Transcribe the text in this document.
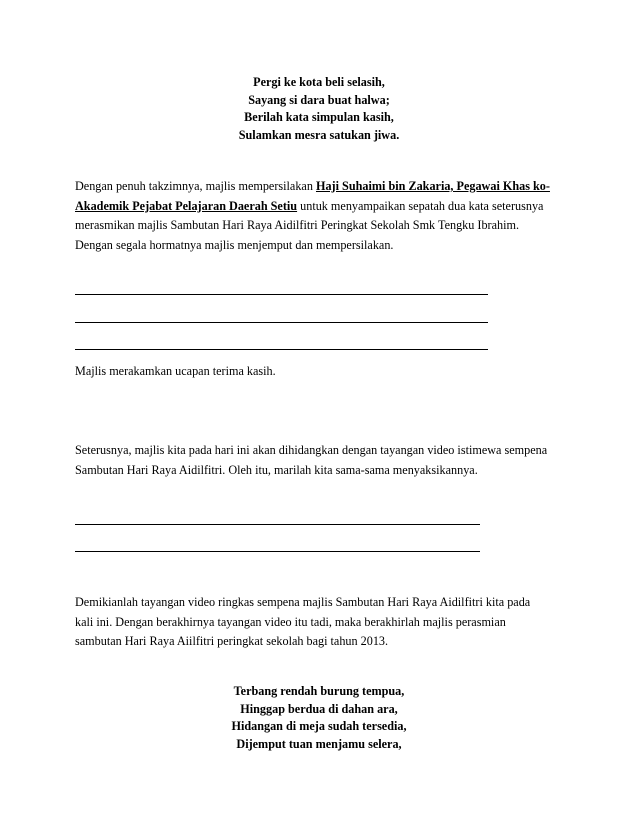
Pergi ke kota beli selasih,
Sayang si dara buat halwa;
Berilah kata simpulan kasih,
Sulamkan mesra satukan jiwa.
Dengan penuh takzimnya, majlis mempersilakan Haji Suhaimi bin Zakaria, Pegawai Khas ko-
Akademik Pejabat Pelajaran Daerah Setiu untuk menyampaikan sepatah dua kata seterusnya
merasmikan majlis Sambutan Hari Raya Aidilfitri Peringkat Sekolah Smk Tengku Ibrahim.
Dengan segala hormatnya majlis menjemput dan mempersilakan.
Majlis merakamkan ucapan terima kasih.
Seterusnya, majlis kita pada hari ini akan dihidangkan dengan tayangan video istimewa sempena
Sambutan Hari Raya Aidilfitri. Oleh itu, marilah kita sama-sama menyaksikannya.
Demikianlah tayangan video ringkas sempena majlis Sambutan Hari Raya Aidilfitri kita pada
kali ini. Dengan berakhirnya tayangan video itu tadi, maka berakhirlah majlis perasmian
sambutan Hari Raya Aiilfitri peringkat sekolah bagi tahun 2013.
Terbang rendah burung tempua,
Hinggap berdua di dahan ara,
Hidangan di meja sudah tersedia,
Dijemput tuan menjamu selera,
